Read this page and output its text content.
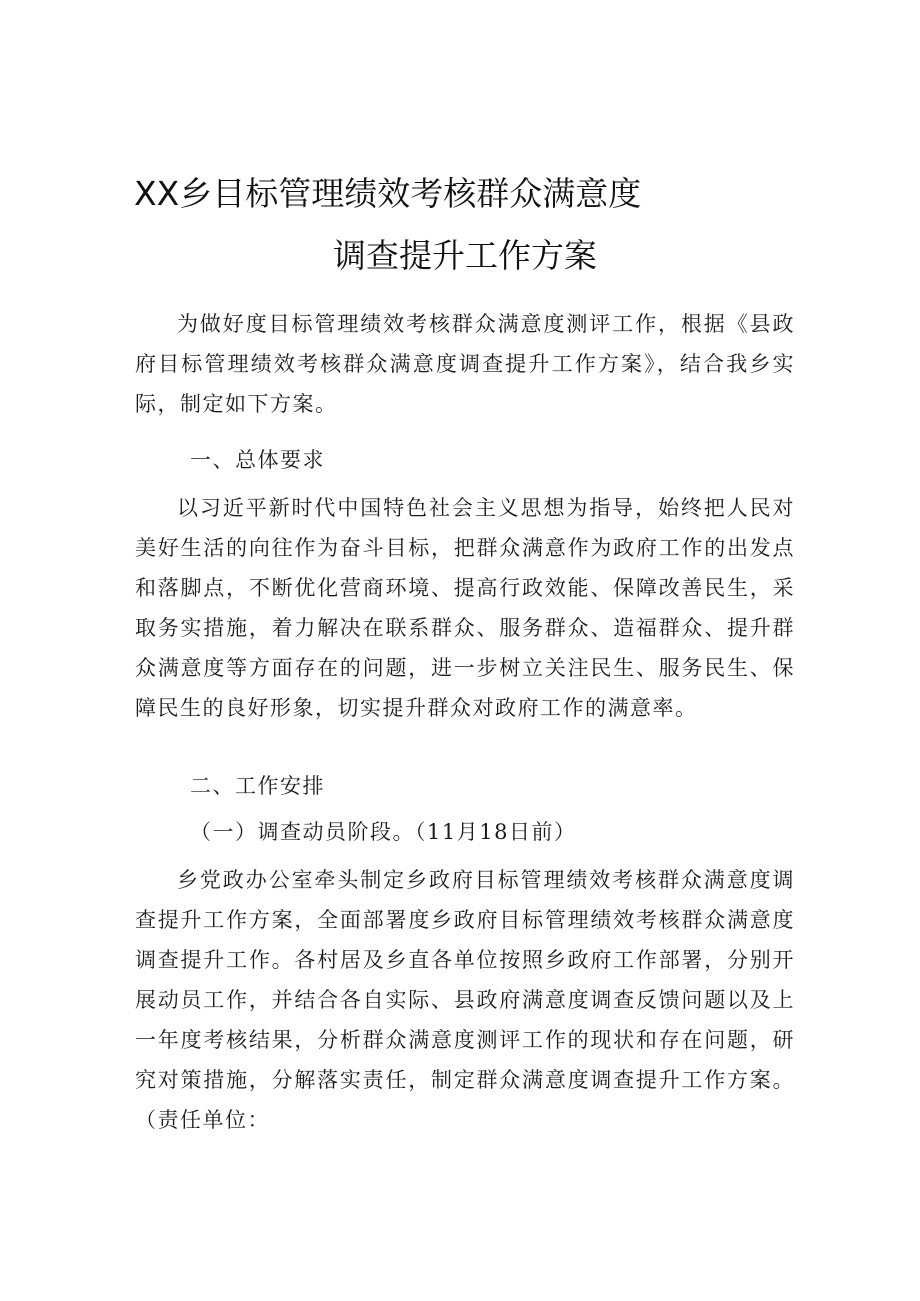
XX乡目标管理绩效考核群众满意度
调查提升工作方案

为做好度目标管理绩效考核群众满意度测评工作，根据《县政府目标管理绩效考核群众满意度调查提升工作方案》，结合我乡实际，制定如下方案。

一、总体要求

以习近平新时代中国特色社会主义思想为指导，始终把人民对美好生活的向往作为奋斗目标，把群众满意作为政府工作的出发点和落脚点，不断优化营商环境、提高行政效能、保障改善民生，采取务实措施，着力解决在联系群众、服务群众、造福群众、提升群众满意度等方面存在的问题，进一步树立关注民生、服务民生、保障民生的良好形象，切实提升群众对政府工作的满意率。

二、工作安排

（一）调查动员阶段。（11月18日前）

乡党政办公室牵头制定乡政府目标管理绩效考核群众满意度调查提升工作方案，全面部署度乡政府目标管理绩效考核群众满意度调查提升工作。各村居及乡直各单位按照乡政府工作部署，分别开展动员工作，并结合各自实际、县政府满意度调查反馈问题以及上一年度考核结果，分析群众满意度测评工作的现状和存在问题，研究对策措施，分解落实责任，制定群众满意度调查提升工作方案。（责任单位：
